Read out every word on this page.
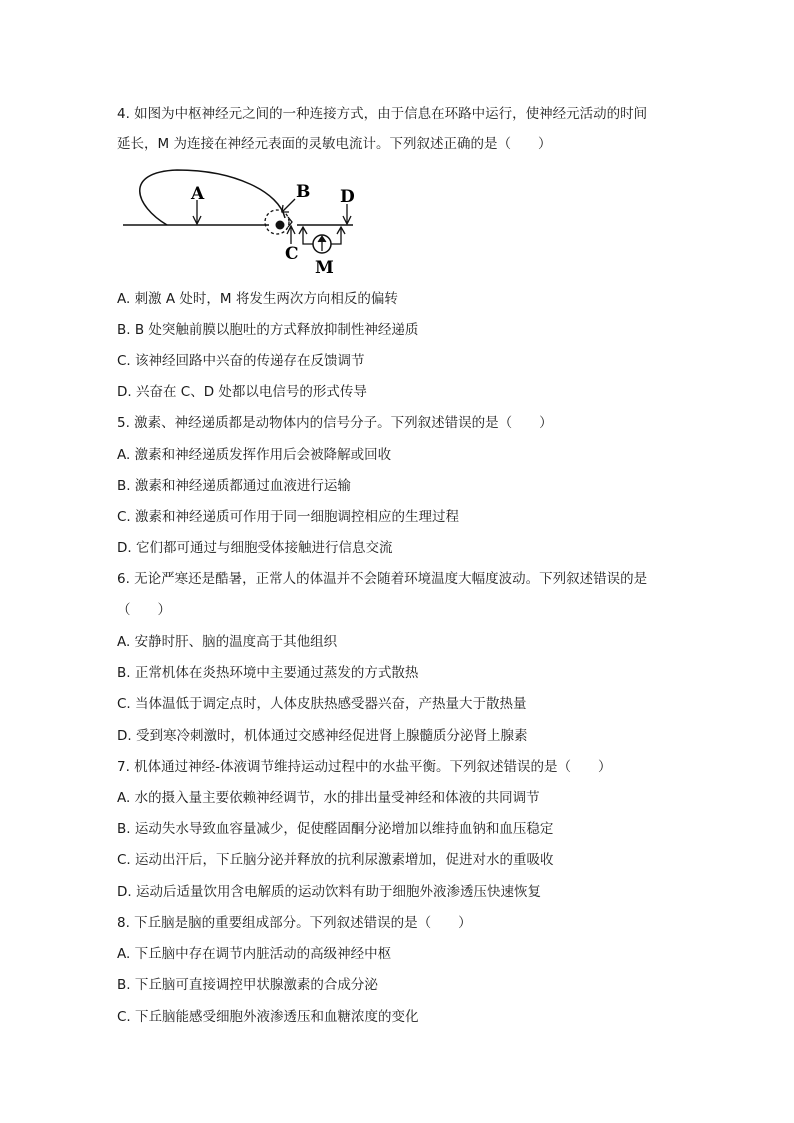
4. 如图为中枢神经元之间的一种连接方式，由于信息在环路中运行，使神经元活动的时间
延长，M 为连接在神经元表面的灵敏电流计。下列叙述正确的是（　　）
A	B D
C
M
A. 刺激 A 处时，M 将发生两次方向相反的偏转
B. B 处突触前膜以胞吐的方式释放抑制性神经递质
C. 该神经回路中兴奋的传递存在反馈调节
D. 兴奋在 C、D 处都以电信号的形式传导
5. 激素、神经递质都是动物体内的信号分子。下列叙述错误的是（　　）
A. 激素和神经递质发挥作用后会被降解或回收
B. 激素和神经递质都通过血液进行运输
C. 激素和神经递质可作用于同一细胞调控相应的生理过程
D. 它们都可通过与细胞受体接触进行信息交流
6. 无论严寒还是酷暑，正常人的体温并不会随着环境温度大幅度波动。下列叙述错误的是
（　　）
A. 安静时肝、脑的温度高于其他组织
B. 正常机体在炎热环境中主要通过蒸发的方式散热
C. 当体温低于调定点时，人体皮肤热感受器兴奋，产热量大于散热量
D. 受到寒冷刺激时，机体通过交感神经促进肾上腺髓质分泌肾上腺素
7. 机体通过神经-体液调节维持运动过程中的水盐平衡。下列叙述错误的是（　　）
A. 水的摄入量主要依赖神经调节，水的排出量受神经和体液的共同调节
B. 运动失水导致血容量减少，促使醛固酮分泌增加以维持血钠和血压稳定
C. 运动出汗后，下丘脑分泌并释放的抗利尿激素增加，促进对水的重吸收
D. 运动后适量饮用含电解质的运动饮料有助于细胞外液渗透压快速恢复
8. 下丘脑是脑的重要组成部分。下列叙述错误的是（　　）
A. 下丘脑中存在调节内脏活动的高级神经中枢
B. 下丘脑可直接调控甲状腺激素的合成分泌
C. 下丘脑能感受细胞外液渗透压和血糖浓度的变化
